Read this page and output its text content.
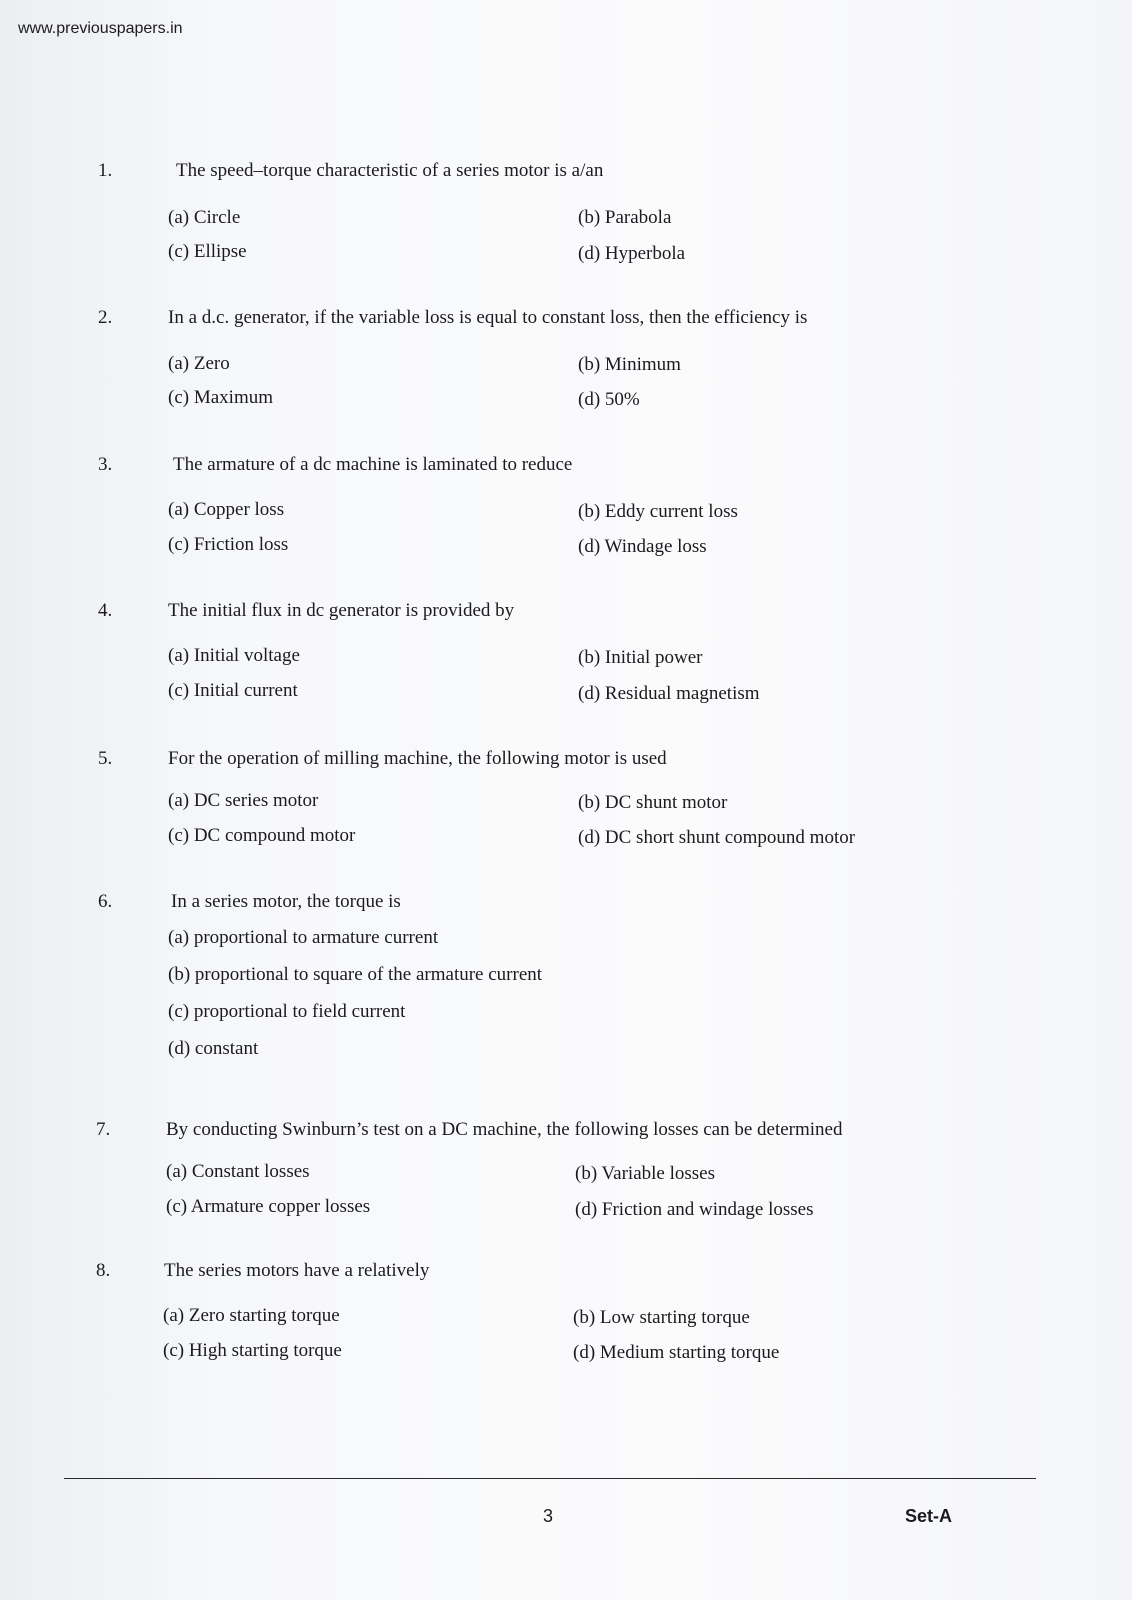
www.previouspapers.in
1.	The speed–torque characteristic of a series motor is a/an
(a) Circle	(b) Parabola
(c) Ellipse	(d) Hyperbola
2.	In a d.c. generator, if the variable loss is equal to constant loss, then the efficiency is
(a) Zero	(b) Minimum
(c) Maximum	(d) 50%
3.	The armature of a dc machine is laminated to reduce
(a) Copper loss	(b) Eddy current loss
(c) Friction loss	(d) Windage loss
4.	The initial flux in dc generator is provided by
(a) Initial voltage	(b) Initial power
(c) Initial current	(d) Residual magnetism
5.	For the operation of milling machine, the following motor is used
(a) DC series motor	(b) DC shunt motor
(c) DC compound motor	(d) DC short shunt compound motor
6.	In a series motor, the torque is
(a) proportional to armature current
(b) proportional to square of the armature current
(c) proportional to field current
(d) constant
7.	By conducting Swinburn’s test on a DC machine, the following losses can be determined
(a) Constant losses	(b) Variable losses
(c) Armature copper losses	(d) Friction and windage losses
8.	The series motors have a relatively
(a) Zero starting torque	(b) Low starting torque
(c) High starting torque	(d) Medium starting torque
3	Set-A
